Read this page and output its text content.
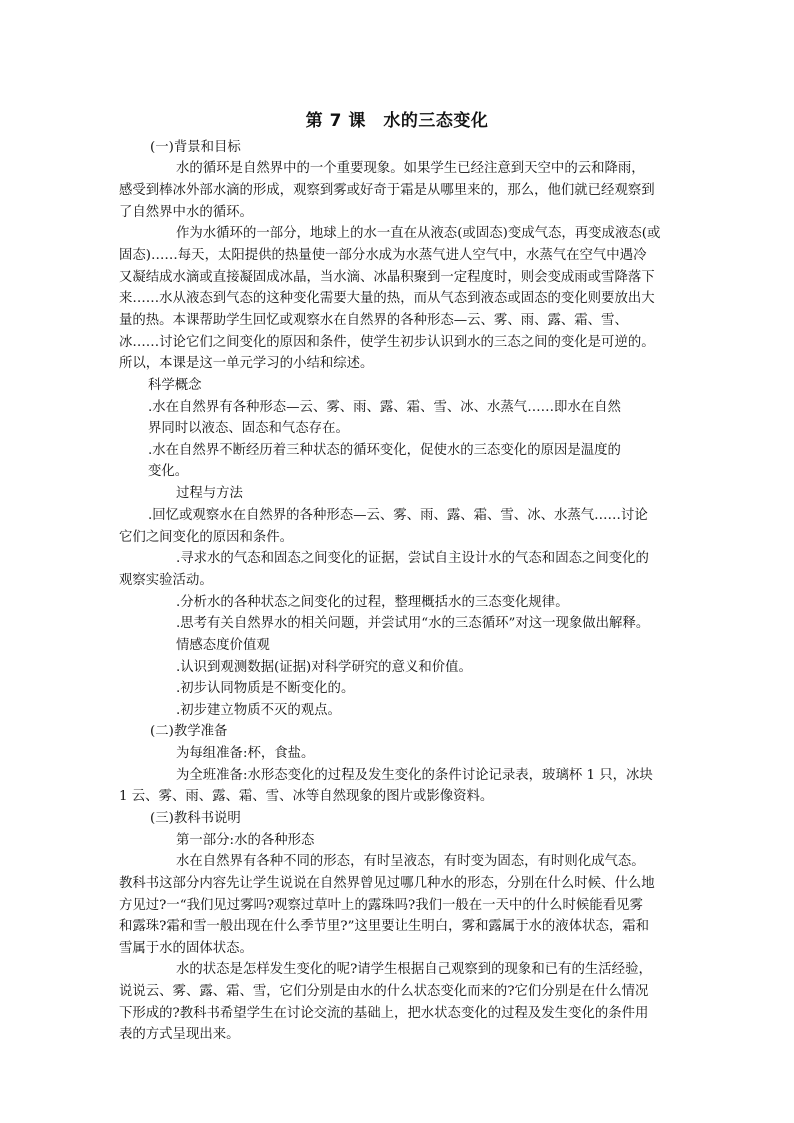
第 7 课　水的三态变化
(一)背景和目标
水的循环是自然界中的一个重要现象。如果学生已经注意到天空中的云和降雨，
感受到棒冰外部水滴的形成，观察到雾或好奇于霜是从哪里来的，那么，他们就已经观察到
了自然界中水的循环。
作为水循环的一部分，地球上的水一直在从液态(或固态)变成气态，再变成液态(或
固态)……每天，太阳提供的热量使一部分水成为水蒸气进人空气中，水蒸气在空气中遇冷
又凝结成水滴或直接凝固成冰晶，当水滴、冰晶积聚到一定程度时，则会变成雨或雪降落下
来……水从液态到气态的这种变化需要大量的热，而从气态到液态或固态的变化则要放出大
量的热。本课帮助学生回忆或观察水在自然界的各种形态—云、雾、雨、露、霜、雪、
冰……讨论它们之间变化的原因和条件，使学生初步认识到水的三态之间的变化是可逆的。
所以，本课是这一单元学习的小结和综述。
科学概念
.水在自然界有各种形态—云、雾、雨、露、霜、雪、冰、水蒸气……即水在自然
界同时以液态、固态和气态存在。
.水在自然界不断经历着三种状态的循环变化，促使水的三态变化的原因是温度的
变化。
过程与方法
.回忆或观察水在自然界的各种形态—云、雾、雨、露、霜、雪、冰、水蒸气……讨论
它们之间变化的原因和条件。
.寻求水的气态和固态之间变化的证据，尝试自主设计水的气态和固态之间变化的
观察实验活动。
.分析水的各种状态之间变化的过程，整理概括水的三态变化规律。
.思考有关自然界水的相关问题，并尝试用“水的三态循环”对这一现象做出解释。
情感态度价值观
.认识到观测数据(证据)对科学研究的意义和价值。
.初步认同物质是不断变化的。
.初步建立物质不灭的观点。
(二)教学准备
为每组准备:杯，食盐。
为全班准备:水形态变化的过程及发生变化的条件讨论记录表，玻璃杯 1 只，冰块
1 云、雾、雨、露、霜、雪、冰等自然现象的图片或影像资料。
(三)教科书说明
第一部分:水的各种形态
水在自然界有各种不同的形态，有时呈液态，有时变为固态，有时则化成气态。
教科书这部分内容先让学生说说在自然界曾见过哪几种水的形态，分别在什么时候、什么地
方见过?一“我们见过雾吗?观察过草叶上的露珠吗?我们一般在一天中的什么时候能看见雾
和露珠?霜和雪一般出现在什么季节里?”这里要让生明白，雾和露属于水的液体状态，霜和
雪属于水的固体状态。
水的状态是怎样发生变化的呢?请学生根据自己观察到的现象和已有的生活经验，
说说云、雾、露、霜、雪，它们分别是由水的什么状态变化而来的?它们分别是在什么情况
下形成的?教科书希望学生在讨论交流的基础上，把水状态变化的过程及发生变化的条件用
表的方式呈现出来。
